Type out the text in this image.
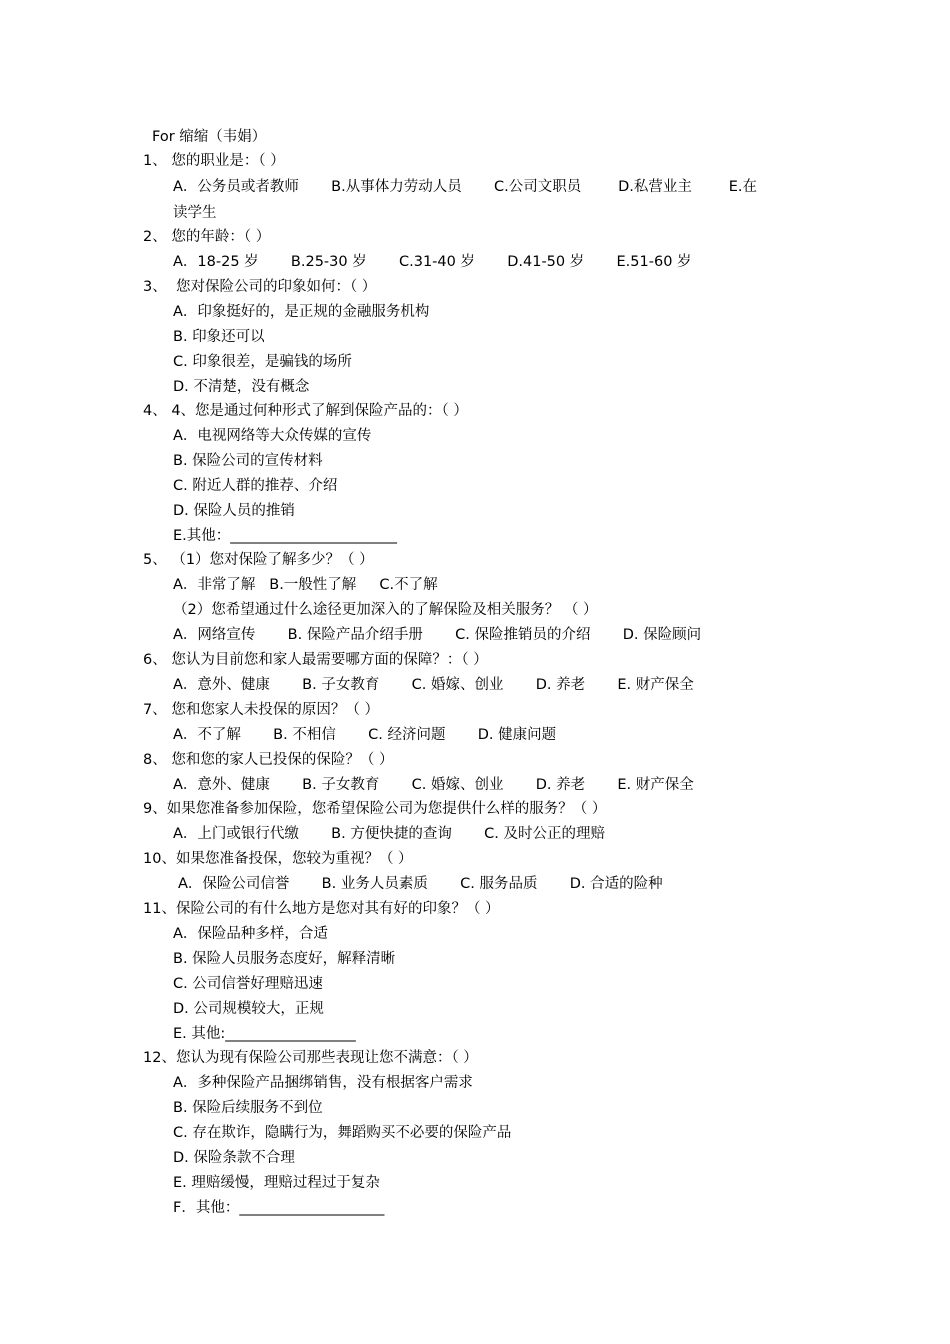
For 缩缩（韦娟）
1、 您的职业是：（ ）
A．公务员或者教师       B.从事体力劳动人员       C.公司文职员        D.私营业主        E.在
读学生
2、 您的年龄：（ ）
A．18-25 岁       B.25-30 岁       C.31-40 岁       D.41-50 岁       E.51-60 岁
3、  您对保险公司的印象如何：（ ）
A．印象挺好的，是正规的金融服务机构
B. 印象还可以
C. 印象很差，是骗钱的场所
D. 不清楚，没有概念
4、 4、您是通过何种形式了解到保险产品的：（ ）
A．电视网络等大众传媒的宣传
B. 保险公司的宣传材料
C. 附近人群的推荐、介绍
D. 保险人员的推销
E.其他：_______________________
5、 （1）您对保险了解多少？（ ）
A．非常了解   B.一般性了解     C.不了解
（2）您希望通过什么途径更加深入的了解保险及相关服务？ （ ）
A．网络宣传       B. 保险产品介绍手册       C. 保险推销员的介绍       D. 保险顾问
6、 您认为目前您和家人最需要哪方面的保障？：（ ）
A．意外、健康       B. 子女教育       C. 婚嫁、创业       D. 养老       E. 财产保全
7、 您和您家人未投保的原因？（ ）
A．不了解       B. 不相信       C. 经济问题       D. 健康问题
8、 您和您的家人已投保的保险？（ ）
A．意外、健康       B. 子女教育       C. 婚嫁、创业       D. 养老       E. 财产保全
9、如果您准备参加保险，您希望保险公司为您提供什么样的服务？（ ）
A．上门或银行代缴       B. 方便快捷的查询       C. 及时公正的理赔
10、如果您准备投保，您较为重视？（ ）
A．保险公司信誉       B. 业务人员素质       C. 服务品质       D. 合适的险种
11、保险公司的有什么地方是您对其有好的印象？（ ）
A．保险品种多样，合适
B. 保险人员服务态度好，解释清晰
C. 公司信誉好理赔迅速
D. 公司规模较大，正规
E. 其他:__________________
12、您认为现有保险公司那些表现让您不满意：（ ）
A．多种保险产品捆绑销售，没有根据客户需求
B. 保险后续服务不到位
C. 存在欺诈，隐瞒行为，舞蹈购买不必要的保险产品
D. 保险条款不合理
E. 理赔缓慢，理赔过程过于复杂
F．其他：____________________
